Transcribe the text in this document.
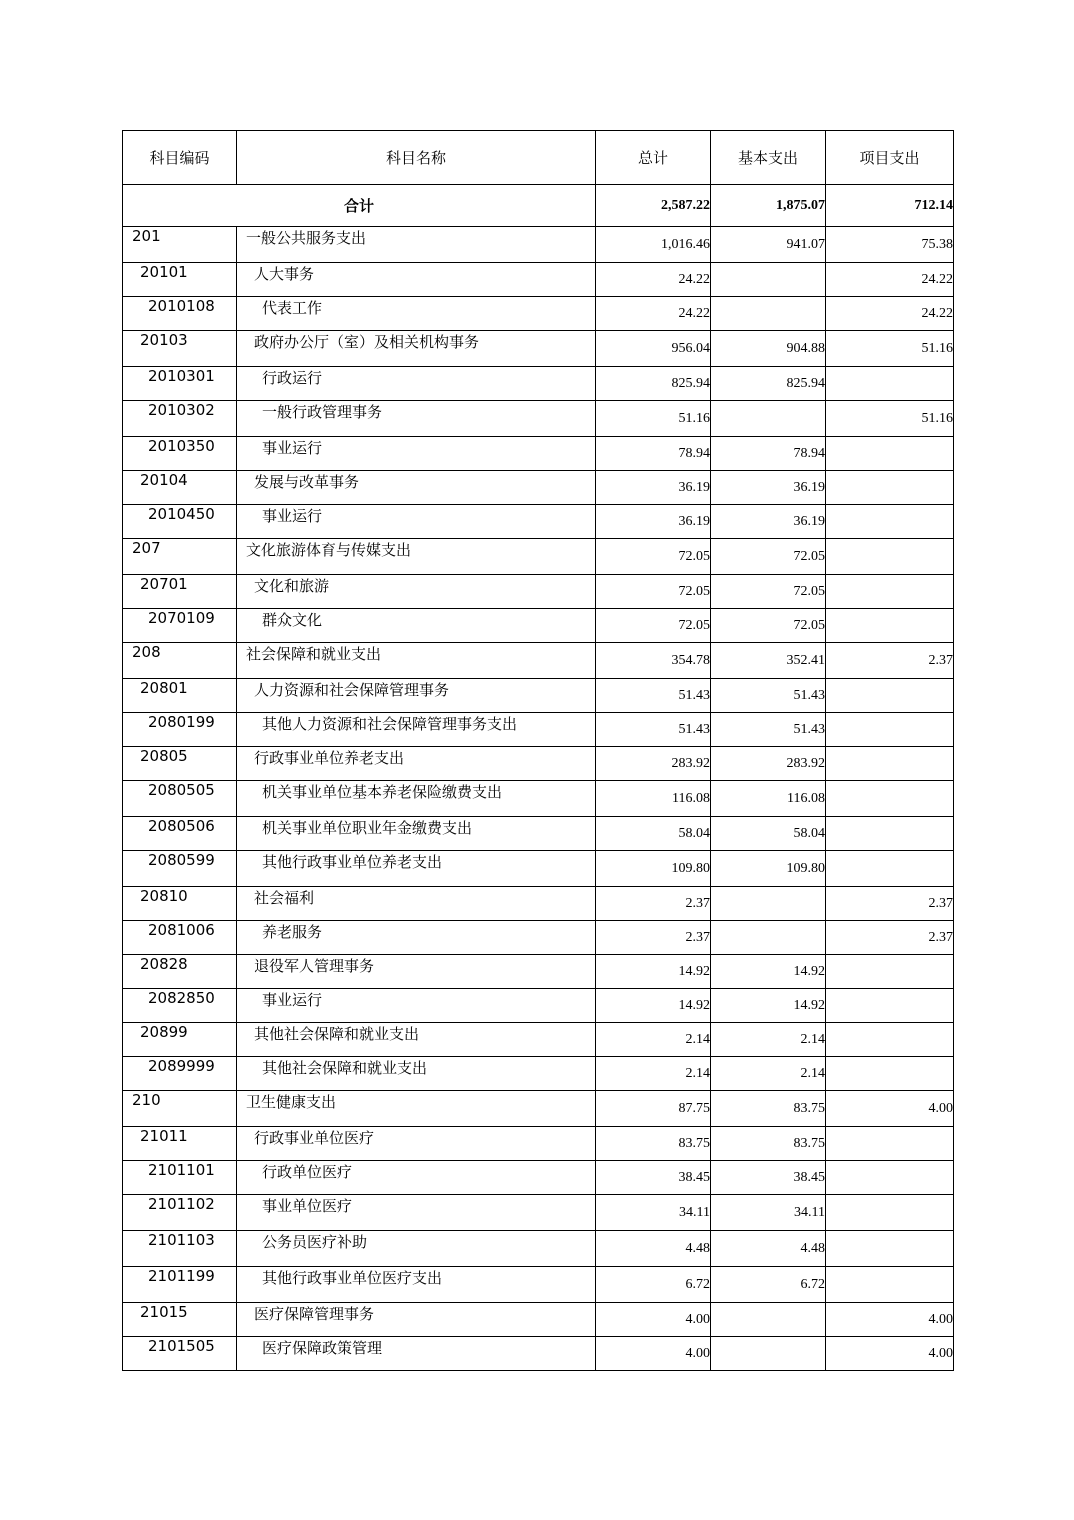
科目编码	科目名称	总计	基本支出	项目支出
合计		2,587.22	1,875.07	712.14
201	一般公共服务支出	1,016.46	941.07	75.38
20101	人大事务	24.22		24.22
2010108	代表工作	24.22		24.22
20103	政府办公厅（室）及相关机构事务	956.04	904.88	51.16
2010301	行政运行	825.94	825.94	
2010302	一般行政管理事务	51.16		51.16
2010350	事业运行	78.94	78.94	
20104	发展与改革事务	36.19	36.19	
2010450	事业运行	36.19	36.19	
207	文化旅游体育与传媒支出	72.05	72.05	
20701	文化和旅游	72.05	72.05	
2070109	群众文化	72.05	72.05	
208	社会保障和就业支出	354.78	352.41	2.37
20801	人力资源和社会保障管理事务	51.43	51.43	
2080199	其他人力资源和社会保障管理事务支出	51.43	51.43	
20805	行政事业单位养老支出	283.92	283.92	
2080505	机关事业单位基本养老保险缴费支出	116.08	116.08	
2080506	机关事业单位职业年金缴费支出	58.04	58.04	
2080599	其他行政事业单位养老支出	109.80	109.80	
20810	社会福利	2.37		2.37
2081006	养老服务	2.37		2.37
20828	退役军人管理事务	14.92	14.92	
2082850	事业运行	14.92	14.92	
20899	其他社会保障和就业支出	2.14	2.14	
2089999	其他社会保障和就业支出	2.14	2.14	
210	卫生健康支出	87.75	83.75	4.00
21011	行政事业单位医疗	83.75	83.75	
2101101	行政单位医疗	38.45	38.45	
2101102	事业单位医疗	34.11	34.11	
2101103	公务员医疗补助	4.48	4.48	
2101199	其他行政事业单位医疗支出	6.72	6.72	
21015	医疗保障管理事务	4.00		4.00
2101505	医疗保障政策管理	4.00		4.00
